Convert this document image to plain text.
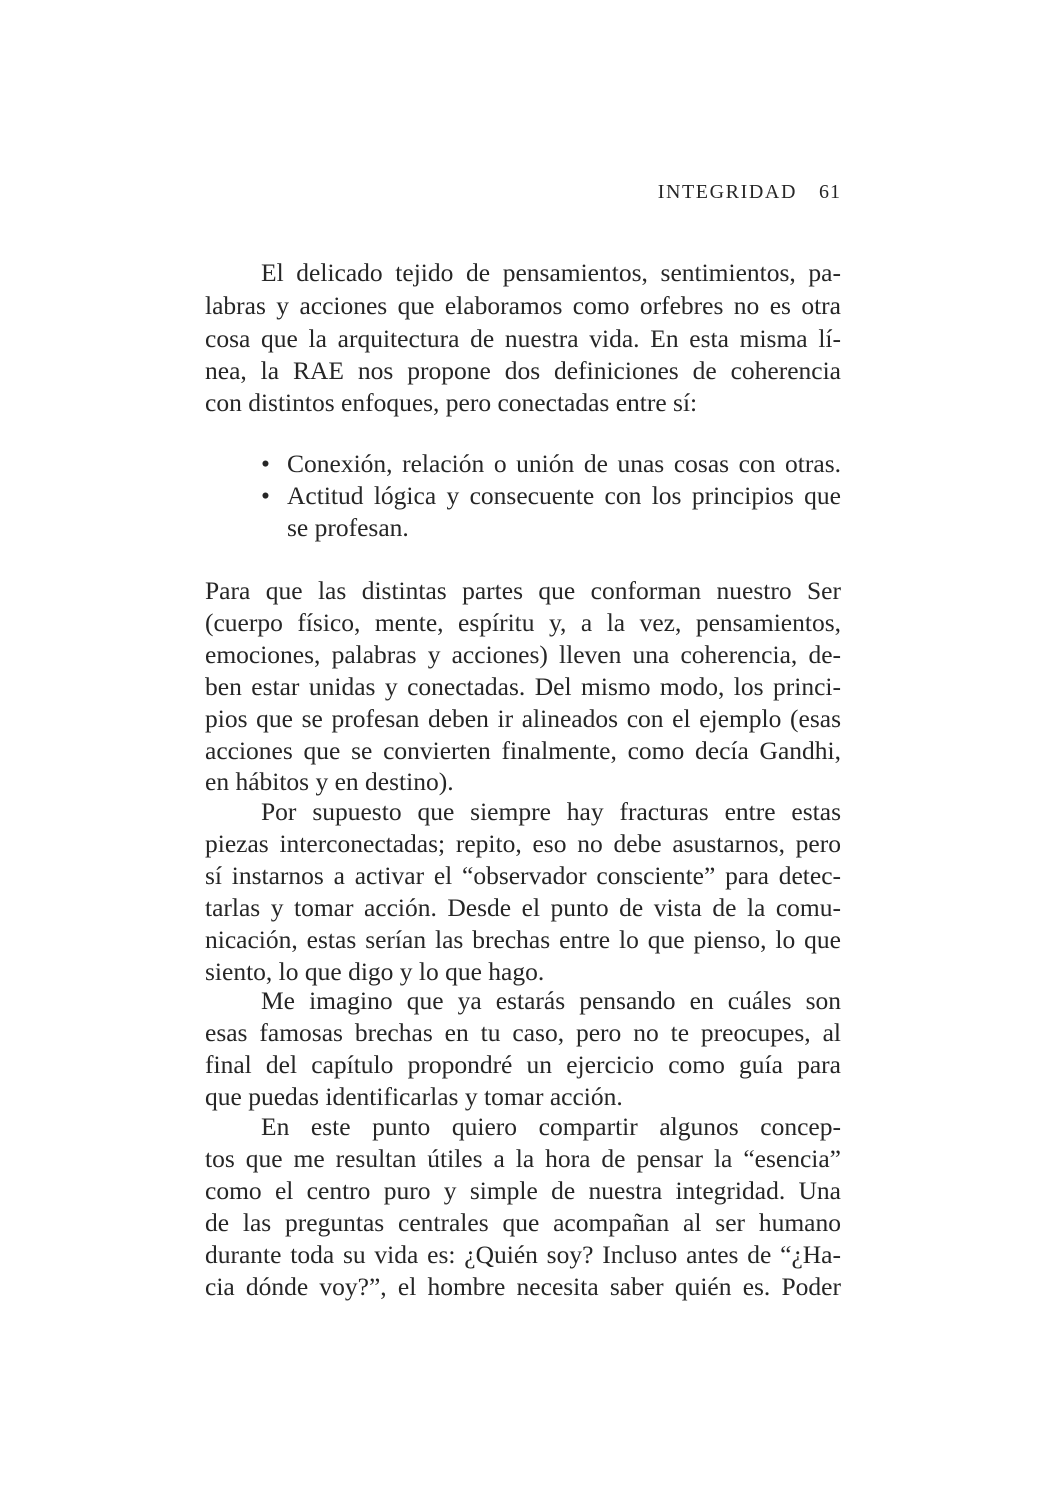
INTEGRIDAD 61
El delicado tejido de pensamientos, sentimientos, pa-
labras y acciones que elaboramos como orfebres no es otra
cosa que la arquitectura de nuestra vida. En esta misma lí-
nea, la RAE nos propone dos definiciones de coherencia
con distintos enfoques, pero conectadas entre sí:
• Conexión, relación o unión de unas cosas con otras.
• Actitud lógica y consecuente con los principios que
se profesan.
Para que las distintas partes que conforman nuestro Ser
(cuerpo físico, mente, espíritu y, a la vez, pensamientos,
emociones, palabras y acciones) lleven una coherencia, de-
ben estar unidas y conectadas. Del mismo modo, los princi-
pios que se profesan deben ir alineados con el ejemplo (esas
acciones que se convierten finalmente, como decía Gandhi,
en hábitos y en destino).
Por supuesto que siempre hay fracturas entre estas
piezas interconectadas; repito, eso no debe asustarnos, pero
sí instarnos a activar el “observador consciente” para detec-
tarlas y tomar acción. Desde el punto de vista de la comu-
nicación, estas serían las brechas entre lo que pienso, lo que
siento, lo que digo y lo que hago.
Me imagino que ya estarás pensando en cuáles son
esas famosas brechas en tu caso, pero no te preocupes, al
final del capítulo propondré un ejercicio como guía para
que puedas identificarlas y tomar acción.
En este punto quiero compartir algunos concep-
tos que me resultan útiles a la hora de pensar la “esencia”
como el centro puro y simple de nuestra integridad. Una
de las preguntas centrales que acompañan al ser humano
durante toda su vida es: ¿Quién soy? Incluso antes de “¿Ha-
cia dónde voy?”, el hombre necesita saber quién es. Poder
